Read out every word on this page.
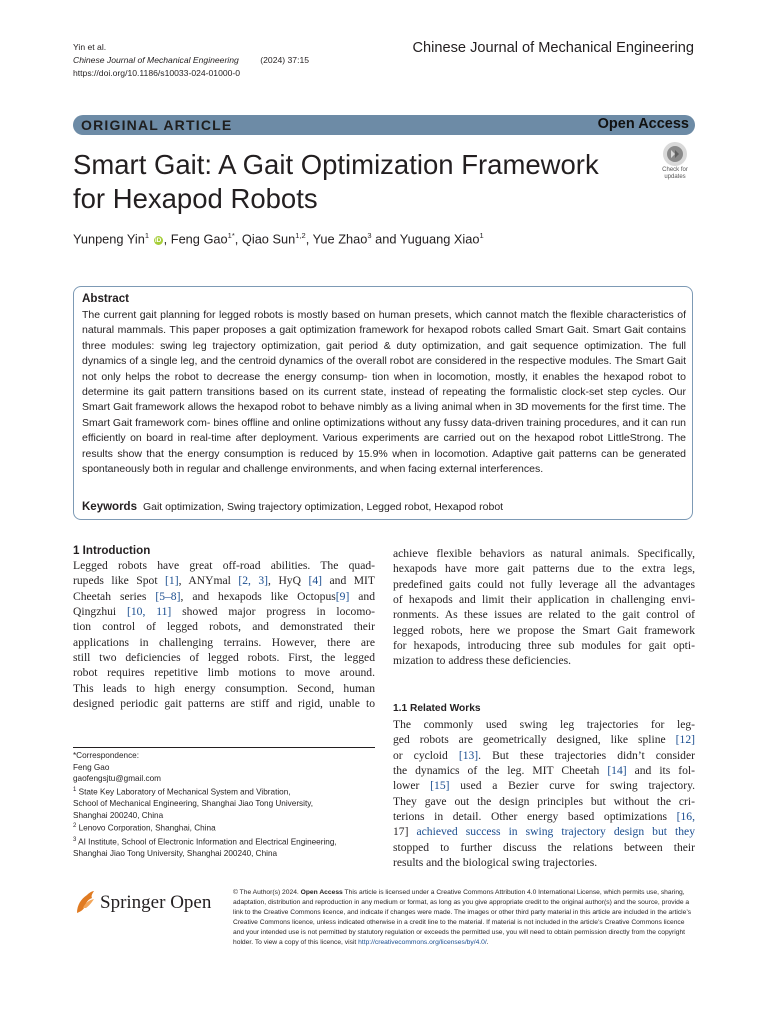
Yin et al.
Chinese Journal of Mechanical Engineering	(2024) 37:15
https://doi.org/10.1186/s10033-024-01000-0
Chinese Journal of Mechanical Engineering
ORIGINAL ARTICLE	Open Access
Smart Gait: A Gait Optimization Framework
for Hexapod Robots
Check for
updates
Yunpeng Yin$^1$ iD , Feng Gao$^{1*}$, Qiao Sun$^{1,2}$, Yue Zhao$^3$ and Yuguang Xiao$^1$
Abstract
The current gait planning for legged robots is mostly based on human presets, which cannot match the flexible characteristics of natural mammals. This paper proposes a gait optimization framework for hexapod robots called Smart Gait. Smart Gait contains three modules: swing leg trajectory optimization, gait period & duty optimization, and gait sequence optimization. The full dynamics of a single leg, and the centroid dynamics of the overall robot are considered in the respective modules. The Smart Gait not only helps the robot to decrease the energy consump- tion when in locomotion, mostly, it enables the hexapod robot to determine its gait pattern transitions based on its current state, instead of repeating the formalistic clock-set step cycles. Our Smart Gait framework allows the hexapod robot to behave nimbly as a living animal when in 3D movements for the first time. The Smart Gait framework com- bines offline and online optimizations without any fussy data-driven training procedures, and it can run efficiently on board in real-time after deployment. Various experiments are carried out on the hexapod robot LittleStrong. The results show that the energy consumption is reduced by 15.9% when in locomotion. Adaptive gait patterns can be generated spontaneously both in regular and challenge environments, and when facing external interferences.
Keywords Gait optimization, Swing trajectory optimization, Legged robot, Hexapod robot
1 Introduction
Legged robots have great off-road abilities. The quad-
rupeds like Spot [1], ANYmal [2, 3], HyQ [4] and MIT
Cheetah series [5–8], and hexapods like Octopus[9] and
Qingzhui [10, 11] showed major progress in locomo-
tion control of legged robots, and demonstrated their
applications in challenging terrains. However, there are
still two deficiencies of legged robots. First, the legged
robot requires repetitive limb motions to move around.
This leads to high energy consumption. Second, human
designed periodic gait patterns are stiff and rigid, unable to
achieve flexible behaviors as natural animals. Specifically,
hexapods have more gait patterns due to the extra legs,
predefined gaits could not fully leverage all the advantages
of hexapods and limit their application in challenging envi-
ronments. As these issues are related to the gait control of
legged robots, here we propose the Smart Gait framework
for hexapods, introducing three sub modules for gait opti-
mization to address these deficiencies.
1.1 Related Works
The commonly used swing leg trajectories for leg-
ged robots are geometrically designed, like spline [12]
or cycloid [13]. But these trajectories didn’t consider
the dynamics of the leg. MIT Cheetah [14] and its fol-
lower [15] used a Bezier curve for swing trajectory.
They gave out the design principles but without the cri-
terions in detail. Other energy based optimizations [16,
17] achieved success in swing trajectory design but they
stopped to further discuss the relations between their
results and the biological swing trajectories.
*Correspondence:
Feng Gao
gaofengsjtu@gmail.com
$^1$ State Key Laboratory of Mechanical System and Vibration,
School of Mechanical Engineering, Shanghai Jiao Tong University,
Shanghai 200240, China
$^2$ Lenovo Corporation, Shanghai, China
$^3$ AI Institute, School of Electronic Information and Electrical Engineering,
Shanghai Jiao Tong University, Shanghai 200240, China
Springer Open	© The Author(s) 2024. Open Access This article is licensed under a Creative Commons Attribution 4.0 International License, which permits use, sharing, adaptation, distribution and reproduction in any medium or format, as long as you give appropriate credit to the original author(s) and the source, provide a link to the Creative Commons licence, and indicate if changes were made. The images or other third party material in this article are included in the article’s Creative Commons licence, unless indicated otherwise in a credit line to the material. If material is not included in the article’s Creative Commons licence and your intended use is not permitted by statutory regulation or exceeds the permitted use, you will need to obtain permission directly from the copyright holder. To view a copy of this licence, visit http://creativecommons.org/licenses/by/4.0/.
